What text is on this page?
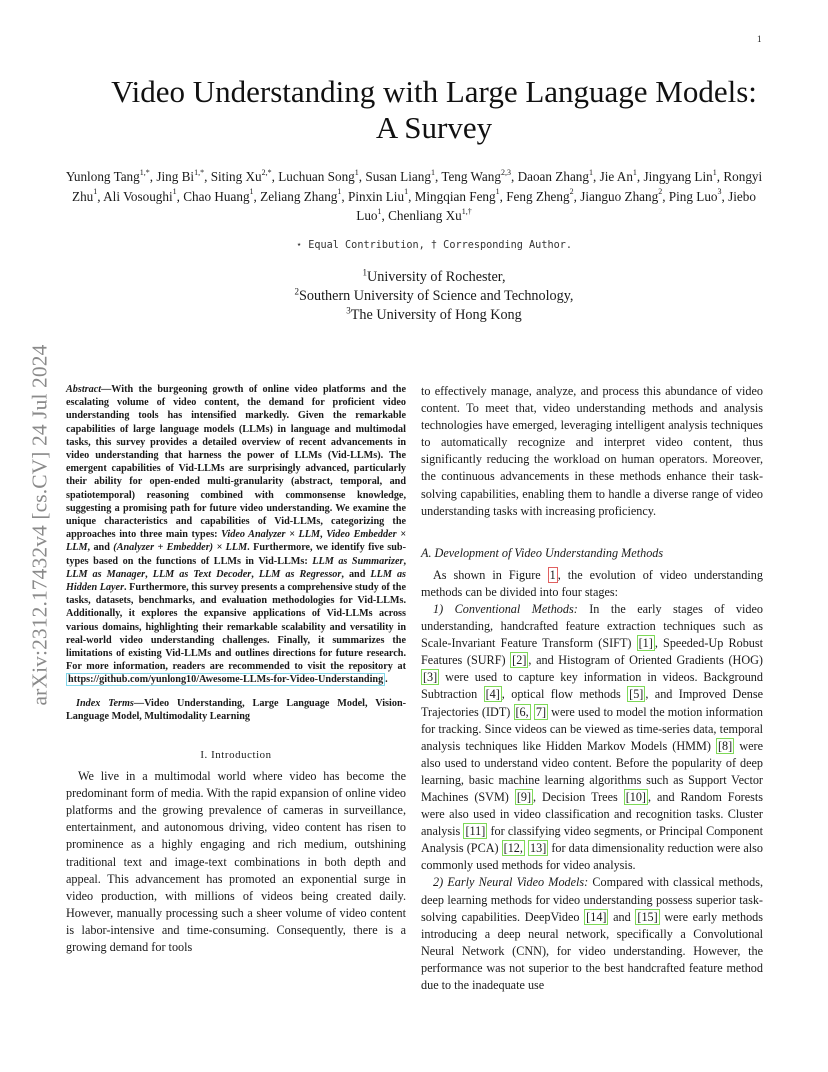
1
arXiv:2312.17432v4 [cs.CV] 24 Jul 2024
Video Understanding with Large Language Models:
A Survey
Yunlong Tang$^{1,*}$, Jing $Bi^{1,*}$, Siting $Xu^{2,*}$, Luchuan Song$^1$, Susan Liang$^1$, Teng Wang$^{2,3}$, Daoan Zhang$^1$, Jie An$^1$, Jingyang Lin$^1$, Rongyi Zhu$^1$, Ali Vosoughi$^1$, Chao Huang$^1$, Zeliang Zhang$^1$, Pinxin Liu$^1$, Mingqian Feng$^1$, Feng Zheng$^2$, Jianguo Zhang$^2$, Ping Luo$^3$, Jiebo Luo$^1$, Chenliang $Xu^{1,\dagger}$
⋆ Equal Contribution, † Corresponding Author.
$^1$University of Rochester,
$^2$Southern University of Science and Technology,
$^3$The University of Hong Kong

Abstract—With the burgeoning growth of online video platforms and the escalating volume of video content, the demand for proficient video understanding tools has intensified markedly. Given the remarkable capabilities of large language models (LLMs) in language and multimodal tasks, this survey provides a detailed overview of recent advancements in video understanding that harness the power of LLMs (Vid-LLMs). The emergent capabilities of Vid-LLMs are surprisingly advanced, particularly their ability for open-ended multi-granularity (abstract, temporal, and spatiotemporal) reasoning combined with commonsense knowledge, suggesting a promising path for future video understanding. We examine the unique characteristics and capabilities of Vid-LLMs, categorizing the approaches into three main types: Video Analyzer × LLM, Video Embedder × LLM, and (Analyzer + Embedder) × LLM. Furthermore, we identify five sub-types based on the functions of LLMs in Vid-LLMs: LLM as Summarizer, LLM as Manager, LLM as Text Decoder, LLM as Regressor, and LLM as Hidden Layer. Furthermore, this survey presents a comprehensive study of the tasks, datasets, benchmarks, and evaluation methodologies for Vid-LLMs. Additionally, it explores the expansive applications of Vid-LLMs across various domains, highlighting their remarkable scalability and versatility in real-world video understanding challenges. Finally, it summarizes the limitations of existing Vid-LLMs and outlines directions for future research. For more information, readers are recommended to visit the repository at https://github.com/yunlong10/Awesome-LLMs-for-Video-Understanding .

Index Terms—Video Understanding, Large Language Model, Vision-Language Model, Multimodality Learning

I. Introduction

We live in a multimodal world where video has become the predominant form of media. With the rapid expansion of online video platforms and the growing prevalence of cameras in surveillance, entertainment, and autonomous driving, video content has risen to prominence as a highly engaging and rich medium, outshining traditional text and image-text combinations in both depth and appeal. This advancement has promoted an exponential surge in video production, with millions of videos being created daily. However, manually processing such a sheer volume of video content is labor-intensive and time-consuming. Consequently, there is a growing demand for tools

to effectively manage, analyze, and process this abundance of video content. To meet that, video understanding methods and analysis technologies have emerged, leveraging intelligent analysis techniques to automatically recognize and interpret video content, thus significantly reducing the workload on human operators. Moreover, the continuous advancements in these methods enhance their task-solving capabilities, enabling them to handle a diverse range of video understanding tasks with increasing proficiency.

A. Development of Video Understanding Methods

As shown in Figure 1 , the evolution of video understanding methods can be divided into four stages:

1) Conventional Methods: In the early stages of video understanding, handcrafted feature extraction techniques such as Scale-Invariant Feature Transform (SIFT) [1] , Speeded-Up Robust Features (SURF) [2] , and Histogram of Oriented Gradients (HOG) [3] were used to capture key information in videos. Background Subtraction [4] , optical flow methods [5] , and Improved Dense Trajectories (IDT) [6, 7] were used to model the motion information for tracking. Since videos can be viewed as time-series data, temporal analysis techniques like Hidden Markov Models (HMM) [8] were also used to understand video content. Before the popularity of deep learning, basic machine learning algorithms such as Support Vector Machines (SVM) [9] , Decision Trees [10] , and Random Forests were also used in video classification and recognition tasks. Cluster analysis [11] for classifying video segments, or Principal Component Analysis (PCA) [12, 13] for data dimensionality reduction were also commonly used methods for video analysis.

2) Early Neural Video Models: Compared with classical methods, deep learning methods for video understanding possess superior task-solving capabilities. DeepVideo [14] and [15] were early methods introducing a deep neural network, specifically a Convolutional Neural Network (CNN), for video understanding. However, the performance was not superior to the best handcrafted feature method due to the inadequate use
